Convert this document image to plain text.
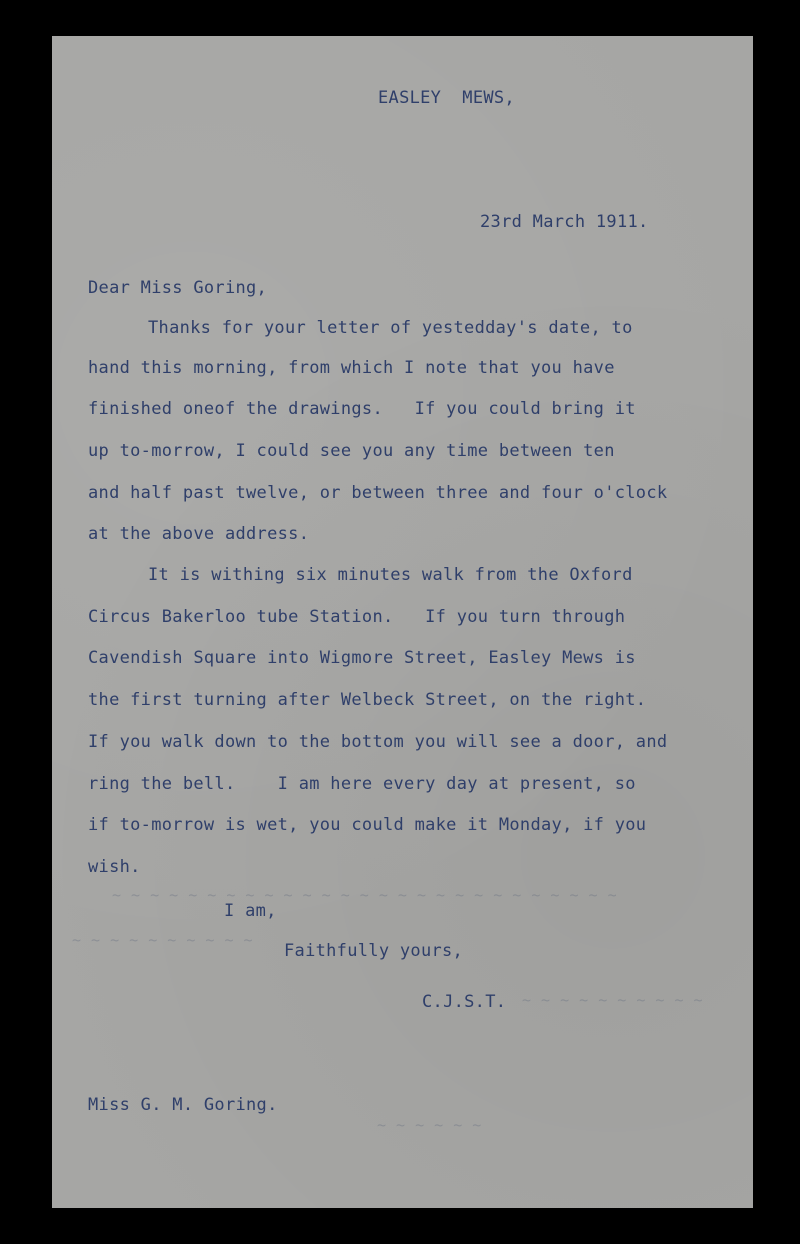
~ ~ ~ ~ ~ ~ ~ ~ ~ ~ ~ ~ ~ ~ ~ ~ ~ ~ ~ ~ ~ ~ ~ ~ ~ ~ ~
~ ~ ~ ~ ~ ~ ~ ~ ~ ~
~ ~ ~ ~ ~ ~ ~ ~ ~ ~
~ ~ ~ ~ ~ ~
EASLEY  MEWS,
23rd March 1911.
Dear Miss Goring,
Thanks for your letter of yestedday's date, to
hand this morning, from which I note that you have
finished oneof the drawings.   If you could bring it
up to-morrow, I could see you any time between ten
and half past twelve, or between three and four o'clock
at the above address.
It is withing six minutes walk from the Oxford
Circus Bakerloo tube Station.   If you turn through
Cavendish Square into Wigmore Street, Easley Mews is
the first turning after Welbeck Street, on the right.
If you walk down to the bottom you will see a door, and
ring the bell.    I am here every day at present, so
if to-morrow is wet, you could make it Monday, if you
wish.
I am,
Faithfully yours,
C.J.S.T.
Miss G. M. Goring.
